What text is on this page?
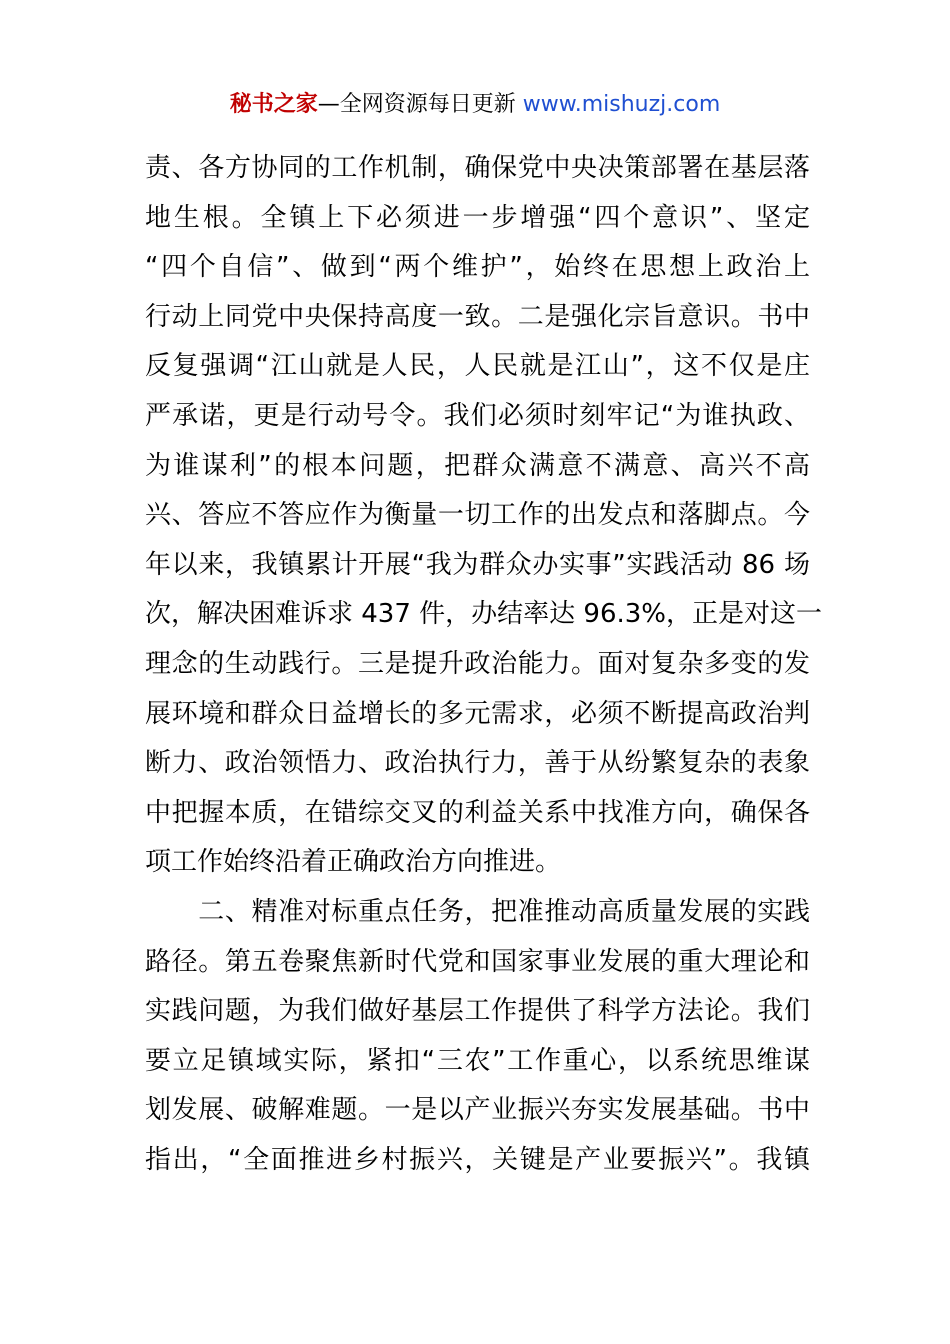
秘书之家—全网资源每日更新 www.mishuzj.com
责、各方协同的工作机制，确保党中央决策部署在基层落
地生根。全镇上下必须进一步增强“四个意识”、坚定
“四个自信”、做到“两个维护”，始终在思想上政治上
行动上同党中央保持高度一致。二是强化宗旨意识。书中
反复强调“江山就是人民，人民就是江山”，这不仅是庄
严承诺，更是行动号令。我们必须时刻牢记“为谁执政、
为谁谋利”的根本问题，把群众满意不满意、高兴不高
兴、答应不答应作为衡量一切工作的出发点和落脚点。今
年以来，我镇累计开展“我为群众办实事”实践活动 86 场
次，解决困难诉求 437 件，办结率达 96.3%，正是对这一
理念的生动践行。三是提升政治能力。面对复杂多变的发
展环境和群众日益增长的多元需求，必须不断提高政治判
断力、政治领悟力、政治执行力，善于从纷繁复杂的表象
中把握本质，在错综交叉的利益关系中找准方向，确保各
项工作始终沿着正确政治方向推进。
　　二、精准对标重点任务，把准推动高质量发展的实践
路径。第五卷聚焦新时代党和国家事业发展的重大理论和
实践问题，为我们做好基层工作提供了科学方法论。我们
要立足镇域实际，紧扣“三农”工作重心，以系统思维谋
划发展、破解难题。一是以产业振兴夯实发展基础。书中
指出，“全面推进乡村振兴，关键是产业要振兴”。我镇
